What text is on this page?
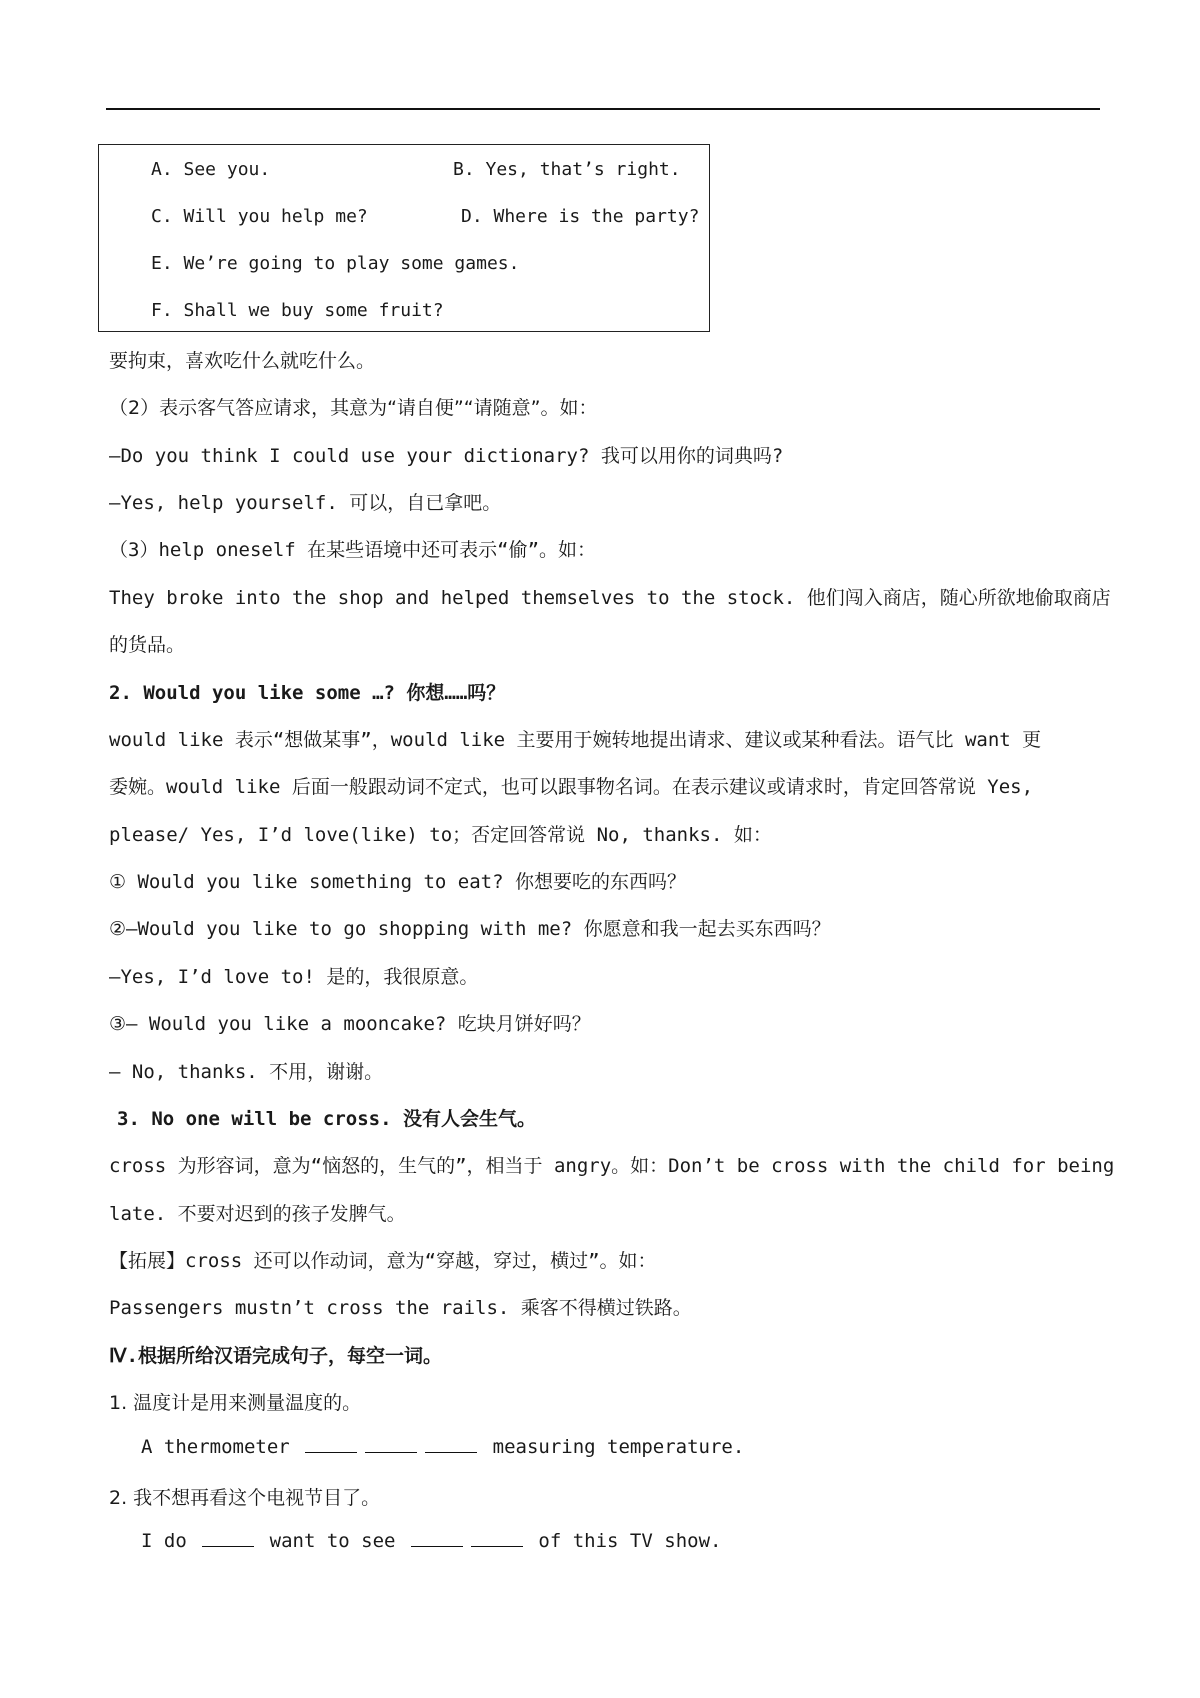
A. See you.	B. Yes, that’s right.
C. Will you help me?	D. Where is the party?
E. We’re going to play some games.
F. Shall we buy some fruit?
要拘束，喜欢吃什么就吃什么。
（2）表示客气答应请求，其意为“请自便”“请随意”。如：
—Do you think I could use your dictionary? 我可以用你的词典吗?
—Yes, help yourself. 可以，自已拿吧。
（3）help oneself 在某些语境中还可表示“偷”。如：
They broke into the shop and helped themselves to the stock. 他们闯入商店，随心所欲地偷取商店
的货品。
2. Would you like some …? 你想……吗？
would like 表示“想做某事”，would like 主要用于婉转地提出请求、建议或某种看法。语气比 want 更
委婉。would like 后面一般跟动词不定式，也可以跟事物名词。在表示建议或请求时，肯定回答常说 Yes,
please/ Yes, I’d love(like) to；否定回答常说 No, thanks. 如：
① Would you like something to eat? 你想要吃的东西吗？
②—Would you like to go shopping with me? 你愿意和我一起去买东西吗？
—Yes, I’d love to! 是的，我很原意。
③— Would you like a mooncake? 吃块月饼好吗？
— No, thanks. 不用，谢谢。
3. No one will be cross. 没有人会生气。
cross 为形容词，意为“恼怒的，生气的”，相当于 angry。如：Don’t be cross with the child for being
late. 不要对迟到的孩子发脾气。
【拓展】cross 还可以作动词，意为“穿越，穿过，横过”。如：
Passengers mustn’t cross the rails. 乘客不得横过铁路。
Ⅳ.根据所给汉语完成句子，每空一词。
1. 温度计是用来测量温度的。
A thermometer	measuring temperature.
2. 我不想再看这个电视节目了。
I do	want to see	of this TV show.
